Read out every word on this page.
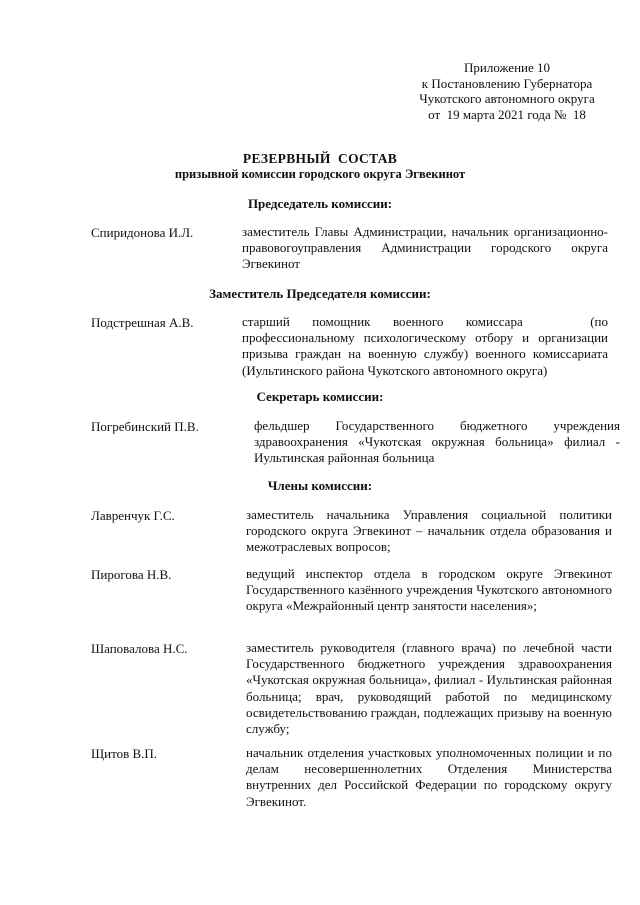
Приложение 10
к Постановлению Губернатора
Чукотского автономного округа
от  19 марта 2021 года №  18
РЕЗЕРВНЫЙ  СОСТАВ
призывной комиссии городского округа Эгвекинот
Председатель комиссии:
Спиридонова И.Л.	заместитель Главы Администрации, начальник организационно-правовогоуправления Администрации городского округа Эгвекинот
Заместитель Председателя комиссии:
Подстрешная А.В.	старший помощник военного комиссара   (по профессиональному психологическому отбору и организации призыва граждан на военную службу) военного комиссариата (Иультинского района Чукотского автономного округа)
Секретарь комиссии:
Погребинский П.В.	фельдшер Государственного бюджетного учреждения здравоохранения «Чукотская окружная больница» филиал - Иультинская районная больница
Члены комиссии:
Лавренчук Г.С.	заместитель начальника Управления социальной политики городского округа Эгвекинот – начальник отдела образования и межотраслевых вопросов;
Пирогова Н.В.	ведущий инспектор отдела в городском округе Эгвекинот Государственного казённого учреждения Чукотского автономного округа «Межрайонный центр занятости населения»;
Шаповалова Н.С.	заместитель руководителя (главного врача) по лечебной части Государственного бюджетного учреждения здравоохранения «Чукотская окружная больница», филиал - Иультинская районная больница; врач, руководящий работой по медицинскому освидетельствованию граждан, подлежащих призыву на военную службу;
Щитов В.П.	начальник отделения участковых уполномоченных полиции и по делам несовершеннолетних Отделения Министерства внутренних дел Российской Федерации по городскому округу Эгвекинот.
